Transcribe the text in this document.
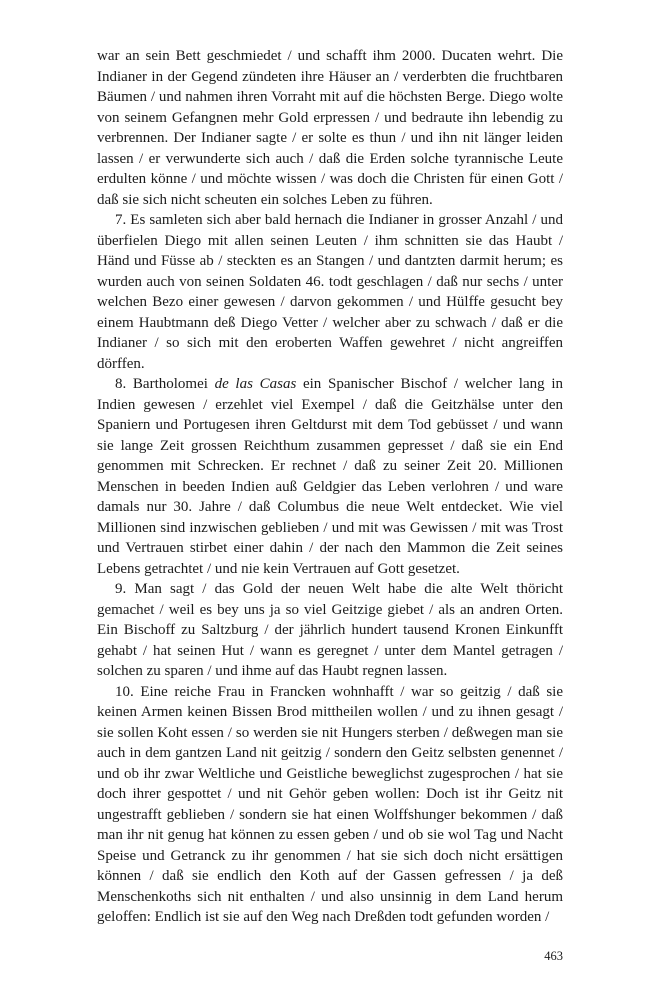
war an sein Bett geschmiedet / und schafft ihm 2000. Ducaten wehrt. Die Indianer in der Gegend zündeten ihre Häuser an / verderbten die fruchtbaren Bäumen / und nahmen ihren Vorraht mit auf die höchsten Berge. Diego wolte von seinem Gefangnen mehr Gold erpressen / und bedraute ihn lebendig zu verbrennen. Der Indianer sagte / er solte es thun / und ihn nit länger leiden lassen / er verwunderte sich auch / daß die Erden solche tyrannische Leute erdulten könne / und möchte wissen / was doch die Christen für einen Gott / daß sie sich nicht scheuten ein solches Leben zu führen.

7. Es samleten sich aber bald hernach die Indianer in grosser Anzahl / und überfielen Diego mit allen seinen Leuten / ihm schnitten sie das Haubt / Händ und Füsse ab / steckten es an Stangen / und dantzten darmit herum; es wurden auch von seinen Soldaten 46. todt geschlagen / daß nur sechs / unter welchen Bezo einer gewesen / darvon gekommen / und Hülffe gesucht bey einem Haubtmann deß Diego Vetter / welcher aber zu schwach / daß er die Indianer / so sich mit den eroberten Waffen gewehret / nicht angreiffen dörffen.

8. Bartholomei de las Casas ein Spanischer Bischof / welcher lang in Indien gewesen / erzehlet viel Exempel / daß die Geitzhälse unter den Spaniern und Portugesen ihren Geltdurst mit dem Tod gebüsset / und wann sie lange Zeit grossen Reichthum zusammen gepresset / daß sie ein End genommen mit Schrecken. Er rechnet / daß zu seiner Zeit 20. Millionen Menschen in beeden Indien auß Geldgier das Leben verlohren / und ware damals nur 30. Jahre / daß Columbus die neue Welt entdecket. Wie viel Millionen sind inzwischen geblieben / und mit was Gewissen / mit was Trost und Vertrauen stirbet einer dahin / der nach den Mammon die Zeit seines Lebens getrachtet / und nie kein Vertrauen auf Gott gesetzet.

9. Man sagt / das Gold der neuen Welt habe die alte Welt thöricht gemachet / weil es bey uns ja so viel Geitzige giebet / als an andren Orten. Ein Bischoff zu Saltzburg / der jährlich hundert tausend Kronen Einkunfft gehabt / hat seinen Hut / wann es geregnet / unter dem Mantel getragen / solchen zu sparen / und ihme auf das Haubt regnen lassen.

10. Eine reiche Frau in Francken wohnhafft / war so geitzig / daß sie keinen Armen keinen Bissen Brod mittheilen wollen / und zu ihnen gesagt / sie sollen Koht essen / so werden sie nit Hungers sterben / deßwegen man sie auch in dem gantzen Land nit geitzig / sondern den Geitz selbsten genennet / und ob ihr zwar Weltliche und Geistliche beweglichst zugesprochen / hat sie doch ihrer gespottet / und nit Gehör geben wollen: Doch ist ihr Geitz nit ungestrafft geblieben / sondern sie hat einen Wolffshunger bekommen / daß man ihr nit genug hat können zu essen geben / und ob sie wol Tag und Nacht Speise und Getranck zu ihr genommen / hat sie sich doch nicht ersättigen können / daß sie endlich den Koth auf der Gassen gefressen / ja deß Menschenkoths sich nit enthalten / und also unsinnig in dem Land herum geloffen: Endlich ist sie auf den Weg nach Dreßden todt gefunden worden /

463
